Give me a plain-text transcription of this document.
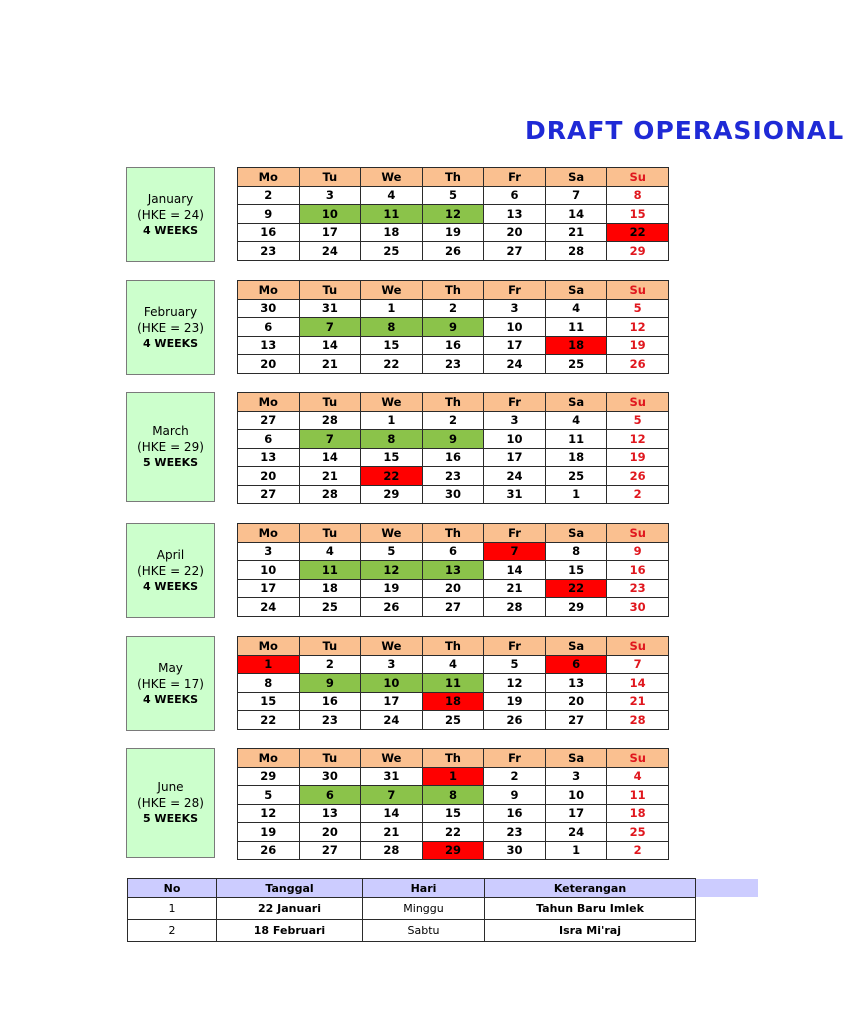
DRAFT OPERASIONAL
January
(HKE = 24)
4 WEEKS
Mo	Tu	We	Th	Fr	Sa	Su
2	3	4	5	6	7	8
9	10	11	12	13	14	15
16	17	18	19	20	21	22
23	24	25	26	27	28	29
February
(HKE = 23)
4 WEEKS
Mo	Tu	We	Th	Fr	Sa	Su
30	31	1	2	3	4	5
6	7	8	9	10	11	12
13	14	15	16	17	18	19
20	21	22	23	24	25	26
March
(HKE = 29)
5 WEEKS
Mo	Tu	We	Th	Fr	Sa	Su
27	28	1	2	3	4	5
6	7	8	9	10	11	12
13	14	15	16	17	18	19
20	21	22	23	24	25	26
27	28	29	30	31	1	2
April
(HKE = 22)
4 WEEKS
Mo	Tu	We	Th	Fr	Sa	Su
3	4	5	6	7	8	9
10	11	12	13	14	15	16
17	18	19	20	21	22	23
24	25	26	27	28	29	30
May
(HKE = 17)
4 WEEKS
Mo	Tu	We	Th	Fr	Sa	Su
1	2	3	4	5	6	7
8	9	10	11	12	13	14
15	16	17	18	19	20	21
22	23	24	25	26	27	28
June
(HKE = 28)
5 WEEKS
Mo	Tu	We	Th	Fr	Sa	Su
29	30	31	1	2	3	4
5	6	7	8	9	10	11
12	13	14	15	16	17	18
19	20	21	22	23	24	25
26	27	28	29	30	1	2
No	Tanggal	Hari	Keterangan
1	22 Januari	Minggu	Tahun Baru Imlek
2	18 Februari	Sabtu	Isra Mi'raj
